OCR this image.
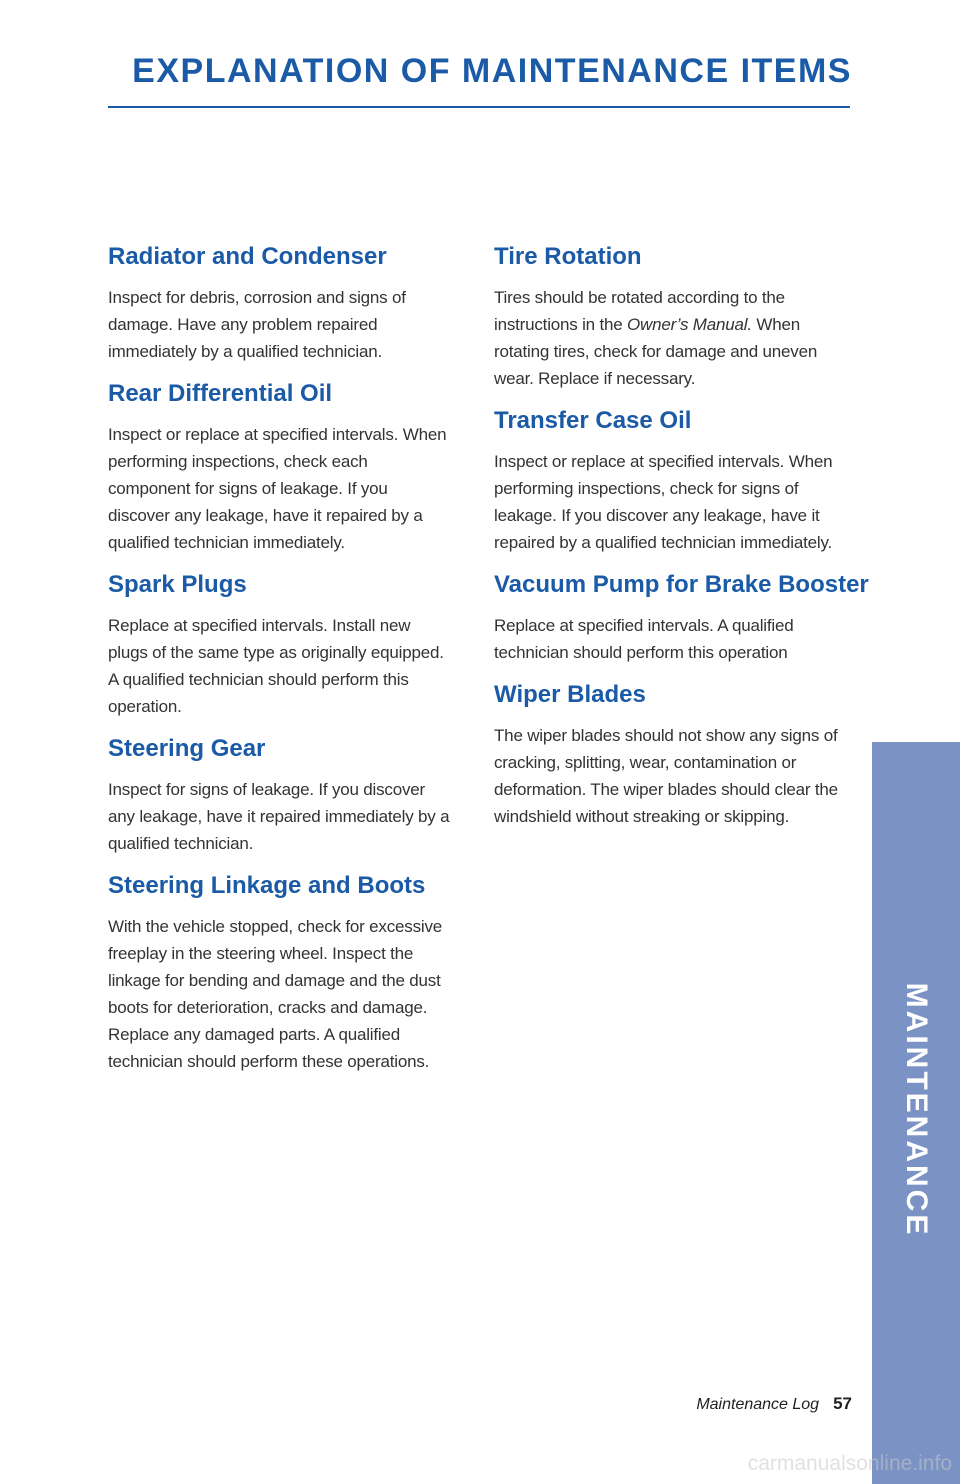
EXPLANATION OF MAINTENANCE ITEMS
Radiator and Condenser

Inspect for debris, corrosion and signs of damage. Have any problem repaired immediately by a qualified technician.

Rear Differential Oil

Inspect or replace at specified intervals. When performing inspections, check each component for signs of leakage. If you discover any leakage, have it repaired by a qualified technician immediately.

Spark Plugs

Replace at specified intervals. Install new plugs of the same type as originally equipped. A qualified technician should perform this operation.

Steering Gear

Inspect for signs of leakage. If you discover any leakage, have it repaired immediately by a qualified technician.

Steering Linkage and Boots

With the vehicle stopped, check for excessive freeplay in the steering wheel. Inspect the linkage for bending and damage and the dust boots for deterioration, cracks and damage. Replace any damaged parts. A qualified technician should perform these operations.

Tire Rotation

Tires should be rotated according to the instructions in the Owner’s Manual. When rotating tires, check for damage and uneven wear. Replace if necessary.

Transfer Case Oil

Inspect or replace at specified intervals. When performing inspections, check for signs of leakage. If you discover any leakage, have it repaired by a qualified technician immediately.

Vacuum Pump for Brake Booster

Replace at specified intervals. A qualified technician should perform this operation

Wiper Blades

The wiper blades should not show any signs of cracking, splitting, wear, contamination or deformation. The wiper blades should clear the windshield without streaking or skipping.

MAINTENANCE
Maintenance Log 57
carmanualsonline.info
